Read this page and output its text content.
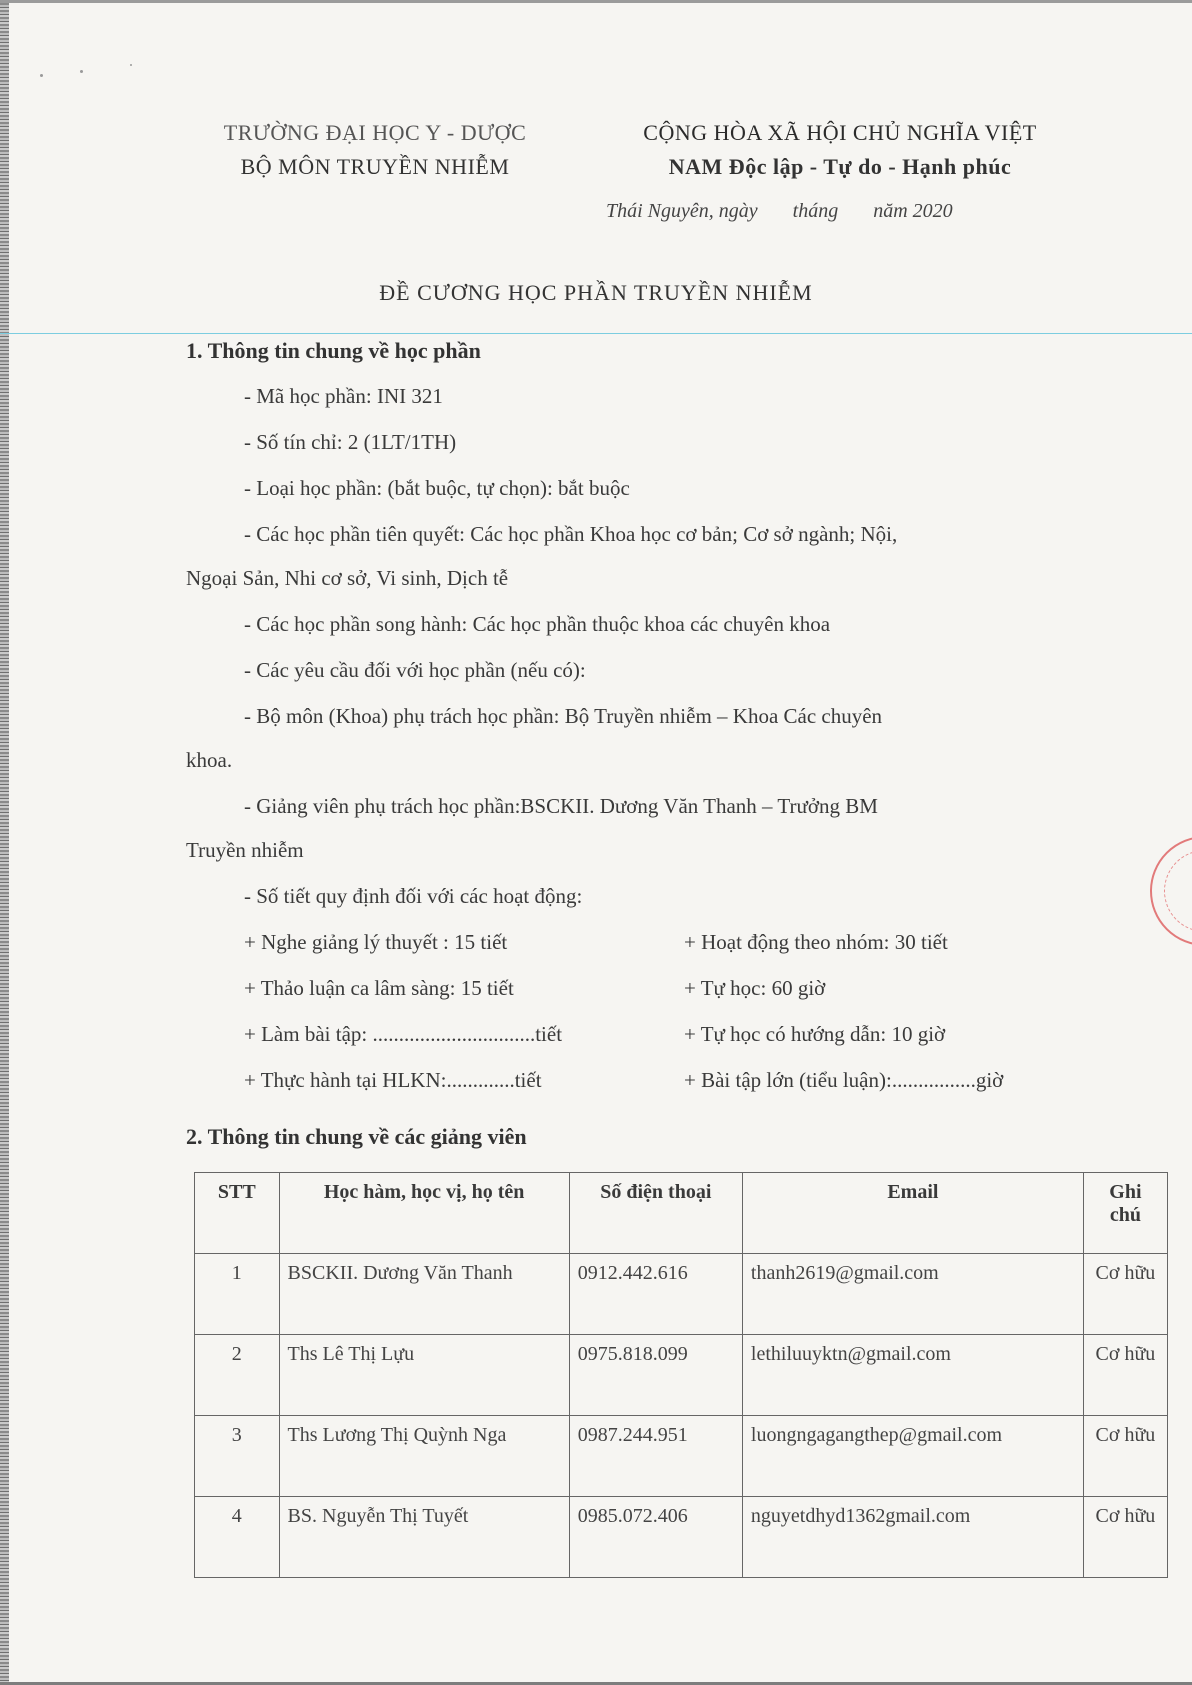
TRƯỜNG ĐẠI HỌC Y - DƯỢC
BỘ MÔN TRUYỀN NHIỄM
CỘNG HÒA XÃ HỘI CHỦ NGHĨA VIỆT
NAM Độc lập - Tự do - Hạnh phúc
Thái Nguyên, ngày       tháng       năm 2020
ĐỀ CƯƠNG HỌC PHẦN TRUYỀN NHIỄM
1. Thông tin chung về học phần
- Mã học phần: INI 321
- Số tín chỉ: 2 (1LT/1TH)
- Loại học phần: (bắt buộc, tự chọn): bắt buộc
- Các học phần tiên quyết: Các học phần Khoa học cơ bản; Cơ sở ngành; Nội,
Ngoại Sản, Nhi cơ sở, Vi sinh, Dịch tễ
- Các học phần song hành: Các học phần thuộc khoa các chuyên khoa
- Các yêu cầu đối với học phần (nếu có):
- Bộ môn (Khoa) phụ trách học phần: Bộ Truyền nhiễm – Khoa Các chuyên
khoa.
- Giảng viên phụ trách học phần:BSCKII. Dương Văn Thanh – Trưởng BM
Truyền nhiễm
- Số tiết quy định đối với các hoạt động:
+ Nghe giảng lý thuyết : 15 tiết	+ Hoạt động theo nhóm: 30 tiết
+ Thảo luận ca lâm sàng: 15 tiết	+ Tự học: 60 giờ
+ Làm bài tập: ...............................tiết	+ Tự học có hướng dẫn: 10 giờ
+ Thực hành tại HLKN:.............tiết	+ Bài tập lớn (tiểu luận):................giờ
2. Thông tin chung về các giảng viên
STT	Học hàm, học vị, họ tên	Số điện thoại	Email	Ghi chú
1	BSCKII. Dương Văn Thanh	0912.442.616	thanh2619@gmail.com	Cơ hữu
2	Ths Lê Thị Lựu	0975.818.099	lethiluuyktn@gmail.com	Cơ hữu
3	Ths Lương Thị Quỳnh Nga	0987.244.951	luongngagangthep@gmail.com	Cơ hữu
4	BS. Nguyễn Thị Tuyết	0985.072.406	nguyetdhyd1362gmail.com	Cơ hữu
